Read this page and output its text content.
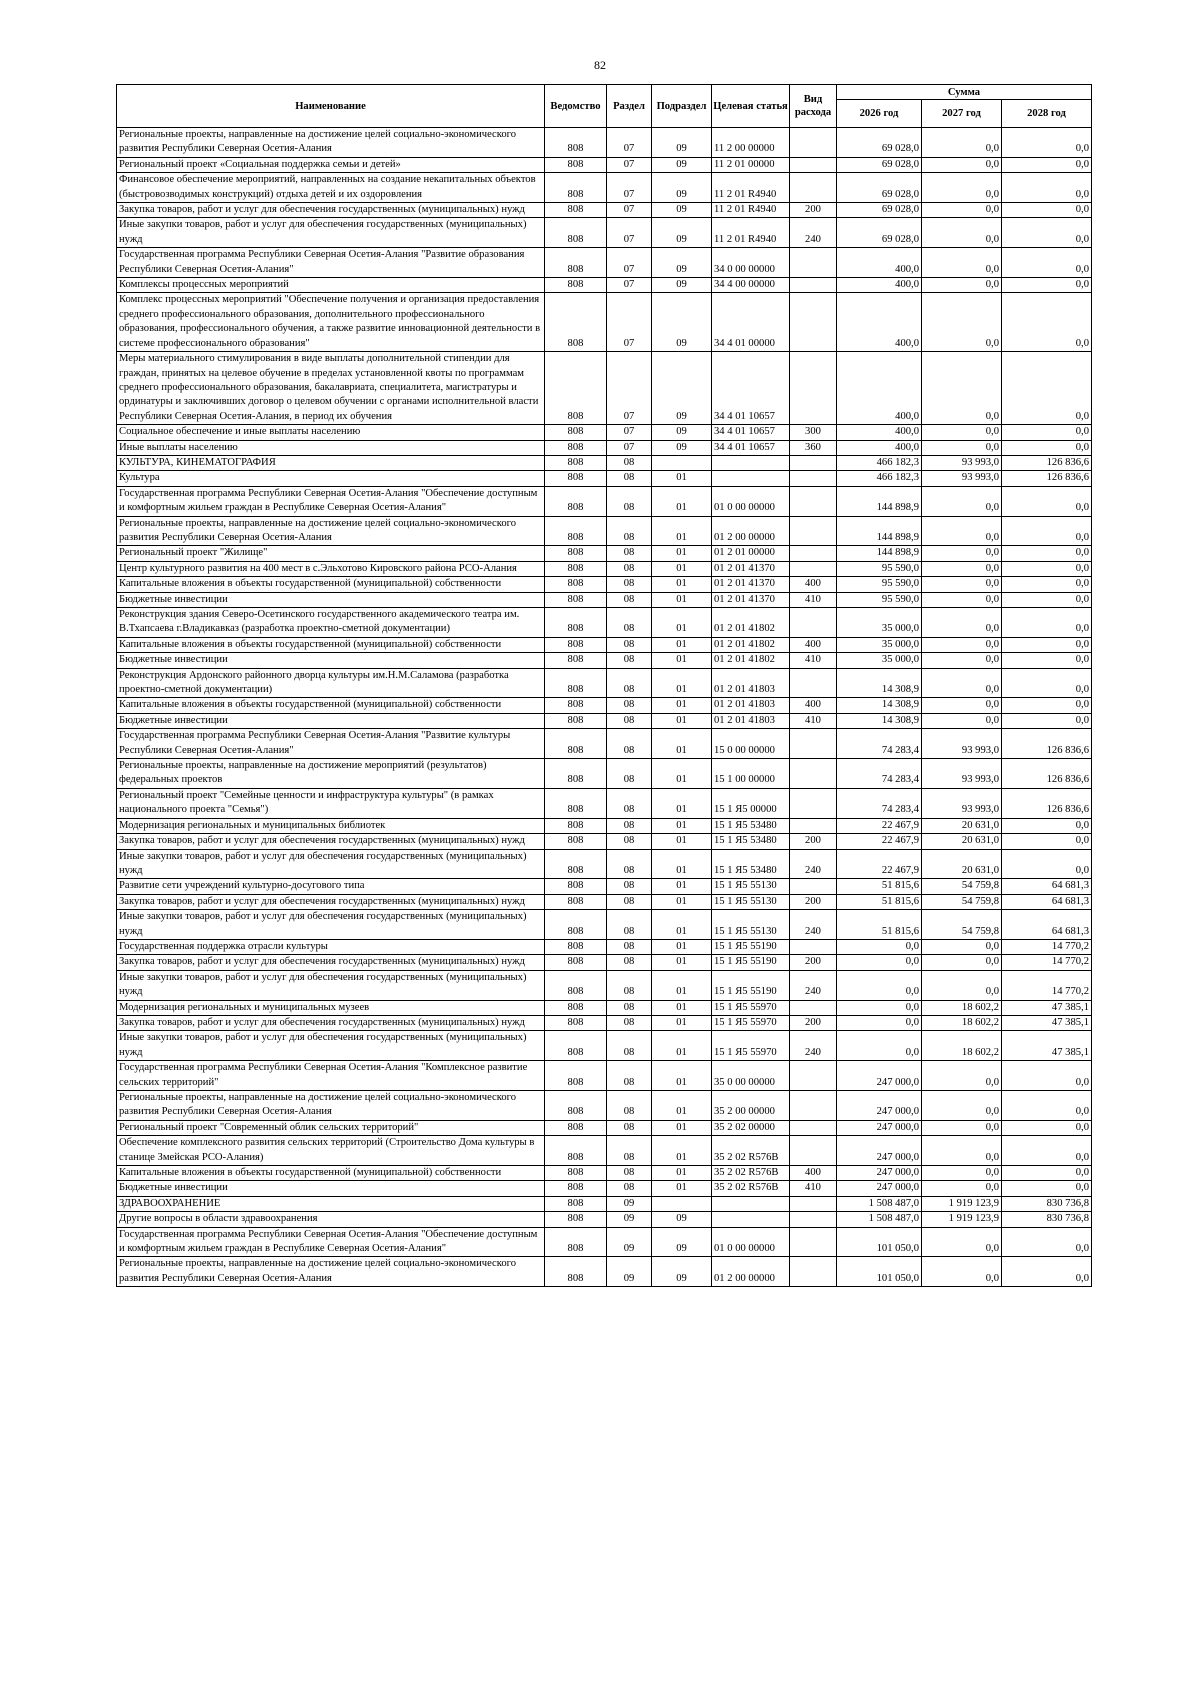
82
Наименование	Ведомство	Раздел	Подраздел	Целевая статья	Вид расхода	Сумма		
						2026 год	2027 год	2028 год
Региональные проекты, направленные на достижение целей социально-экономического развития Республики Северная Осетия-Алания	808	07	09	11 2 00 00000		69 028,0	0,0	0,0
Региональный проект «Социальная поддержка семьи и детей»	808	07	09	11 2 01 00000		69 028,0	0,0	0,0
Финансовое обеспечение мероприятий, направленных на создание некапитальных объектов (быстровозводимых конструкций) отдыха детей и их оздоровления	808	07	09	11 2 01 R4940		69 028,0	0,0	0,0
Закупка товаров, работ и услуг для обеспечения государственных (муниципальных) нужд	808	07	09	11 2 01 R4940	200	69 028,0	0,0	0,0
Иные закупки товаров, работ и услуг для обеспечения государственных (муниципальных) нужд	808	07	09	11 2 01 R4940	240	69 028,0	0,0	0,0
Государственная программа Республики Северная Осетия-Алания "Развитие образования Республики Северная Осетия-Алания"	808	07	09	34 0 00 00000		400,0	0,0	0,0
Комплексы процессных мероприятий	808	07	09	34 4 00 00000		400,0	0,0	0,0
Комплекс процессных мероприятий "Обеспечение получения и организация предоставления среднего профессионального образования, дополнительного профессионального образования, профессионального обучения, а также развитие инновационной деятельности в системе профессионального образования"	808	07	09	34 4 01 00000		400,0	0,0	0,0
Меры материального стимулирования в виде выплаты дополнительной стипендии для граждан, принятых на целевое обучение в пределах установленной квоты по программам среднего профессионального образования, бакалавриата, специалитета, магистратуры и ординатуры и заключивших договор о целевом обучении с органами исполнительной власти Республики Северная Осетия-Алания, в период их обучения	808	07	09	34 4 01 10657		400,0	0,0	0,0
Социальное обеспечение и иные выплаты населению	808	07	09	34 4 01 10657	300	400,0	0,0	0,0
Иные выплаты населению	808	07	09	34 4 01 10657	360	400,0	0,0	0,0
КУЛЬТУРА, КИНЕМАТОГРАФИЯ	808	08				466 182,3	93 993,0	126 836,6
Культура	808	08	01			466 182,3	93 993,0	126 836,6
Государственная программа Республики Северная Осетия-Алания "Обеспечение доступным и комфортным жильем граждан в Республике Северная Осетия-Алания"	808	08	01	01 0 00 00000		144 898,9	0,0	0,0
Региональные проекты, направленные на достижение целей социально-экономического развития Республики Северная Осетия-Алания	808	08	01	01 2 00 00000		144 898,9	0,0	0,0
Региональный проект "Жилище"	808	08	01	01 2 01 00000		144 898,9	0,0	0,0
Центр культурного развития на 400 мест в с.Эльхотово Кировского района РСО-Алания	808	08	01	01 2 01 41370		95 590,0	0,0	0,0
Капитальные вложения в объекты государственной (муниципальной) собственности	808	08	01	01 2 01 41370	400	95 590,0	0,0	0,0
Бюджетные инвестиции	808	08	01	01 2 01 41370	410	95 590,0	0,0	0,0
Реконструкция здания Северо-Осетинского государственного академического театра им. В.Тхапсаева г.Владикавказ (разработка проектно-сметной документации)	808	08	01	01 2 01 41802		35 000,0	0,0	0,0
Капитальные вложения в объекты государственной (муниципальной) собственности	808	08	01	01 2 01 41802	400	35 000,0	0,0	0,0
Бюджетные инвестиции	808	08	01	01 2 01 41802	410	35 000,0	0,0	0,0
Реконструкция Ардонского районного дворца культуры им.Н.М.Саламова (разработка проектно-сметной документации)	808	08	01	01 2 01 41803		14 308,9	0,0	0,0
Капитальные вложения в объекты государственной (муниципальной) собственности	808	08	01	01 2 01 41803	400	14 308,9	0,0	0,0
Бюджетные инвестиции	808	08	01	01 2 01 41803	410	14 308,9	0,0	0,0
Государственная программа Республики Северная Осетия-Алания "Развитие культуры Республики Северная Осетия-Алания"	808	08	01	15 0 00 00000		74 283,4	93 993,0	126 836,6
Региональные проекты, направленные на достижение мероприятий (результатов) федеральных проектов	808	08	01	15 1 00 00000		74 283,4	93 993,0	126 836,6
Региональный проект "Семейные ценности и инфраструктура культуры" (в рамках национального проекта "Семья")	808	08	01	15 1 Я5 00000		74 283,4	93 993,0	126 836,6
Модернизация региональных и муниципальных библиотек	808	08	01	15 1 Я5 53480		22 467,9	20 631,0	0,0
Закупка товаров, работ и услуг для обеспечения государственных (муниципальных) нужд	808	08	01	15 1 Я5 53480	200	22 467,9	20 631,0	0,0
Иные закупки товаров, работ и услуг для обеспечения государственных (муниципальных) нужд	808	08	01	15 1 Я5 53480	240	22 467,9	20 631,0	0,0
Развитие сети учреждений культурно-досугового типа	808	08	01	15 1 Я5 55130		51 815,6	54 759,8	64 681,3
Закупка товаров, работ и услуг для обеспечения государственных (муниципальных) нужд	808	08	01	15 1 Я5 55130	200	51 815,6	54 759,8	64 681,3
Иные закупки товаров, работ и услуг для обеспечения государственных (муниципальных) нужд	808	08	01	15 1 Я5 55130	240	51 815,6	54 759,8	64 681,3
Государственная поддержка отрасли культуры	808	08	01	15 1 Я5 55190		0,0	0,0	14 770,2
Закупка товаров, работ и услуг для обеспечения государственных (муниципальных) нужд	808	08	01	15 1 Я5 55190	200	0,0	0,0	14 770,2
Иные закупки товаров, работ и услуг для обеспечения государственных (муниципальных) нужд	808	08	01	15 1 Я5 55190	240	0,0	0,0	14 770,2
Модернизация региональных и муниципальных музеев	808	08	01	15 1 Я5 55970		0,0	18 602,2	47 385,1
Закупка товаров, работ и услуг для обеспечения государственных (муниципальных) нужд	808	08	01	15 1 Я5 55970	200	0,0	18 602,2	47 385,1
Иные закупки товаров, работ и услуг для обеспечения государственных (муниципальных) нужд	808	08	01	15 1 Я5 55970	240	0,0	18 602,2	47 385,1
Государственная программа Республики Северная Осетия-Алания "Комплексное развитие сельских территорий"	808	08	01	35 0 00 00000		247 000,0	0,0	0,0
Региональные проекты, направленные на достижение целей социально-экономического развития Республики Северная Осетия-Алания	808	08	01	35 2 00 00000		247 000,0	0,0	0,0
Региональный проект "Современный облик сельских территорий"	808	08	01	35 2 02 00000		247 000,0	0,0	0,0
Обеспечение комплексного развития сельских территорий (Строительство Дома культуры в станице Змейская РСО-Алания)	808	08	01	35 2 02 R576B		247 000,0	0,0	0,0
Капитальные вложения в объекты государственной (муниципальной) собственности	808	08	01	35 2 02 R576B	400	247 000,0	0,0	0,0
Бюджетные инвестиции	808	08	01	35 2 02 R576B	410	247 000,0	0,0	0,0
ЗДРАВООХРАНЕНИЕ	808	09				1 508 487,0	1 919 123,9	830 736,8
Другие вопросы в области здравоохранения	808	09	09			1 508 487,0	1 919 123,9	830 736,8
Государственная программа Республики Северная Осетия-Алания "Обеспечение доступным и комфортным жильем граждан в Республике Северная Осетия-Алания"	808	09	09	01 0 00 00000		101 050,0	0,0	0,0
Региональные проекты, направленные на достижение целей социально-экономического развития Республики Северная Осетия-Алания	808	09	09	01 2 00 00000		101 050,0	0,0	0,0
